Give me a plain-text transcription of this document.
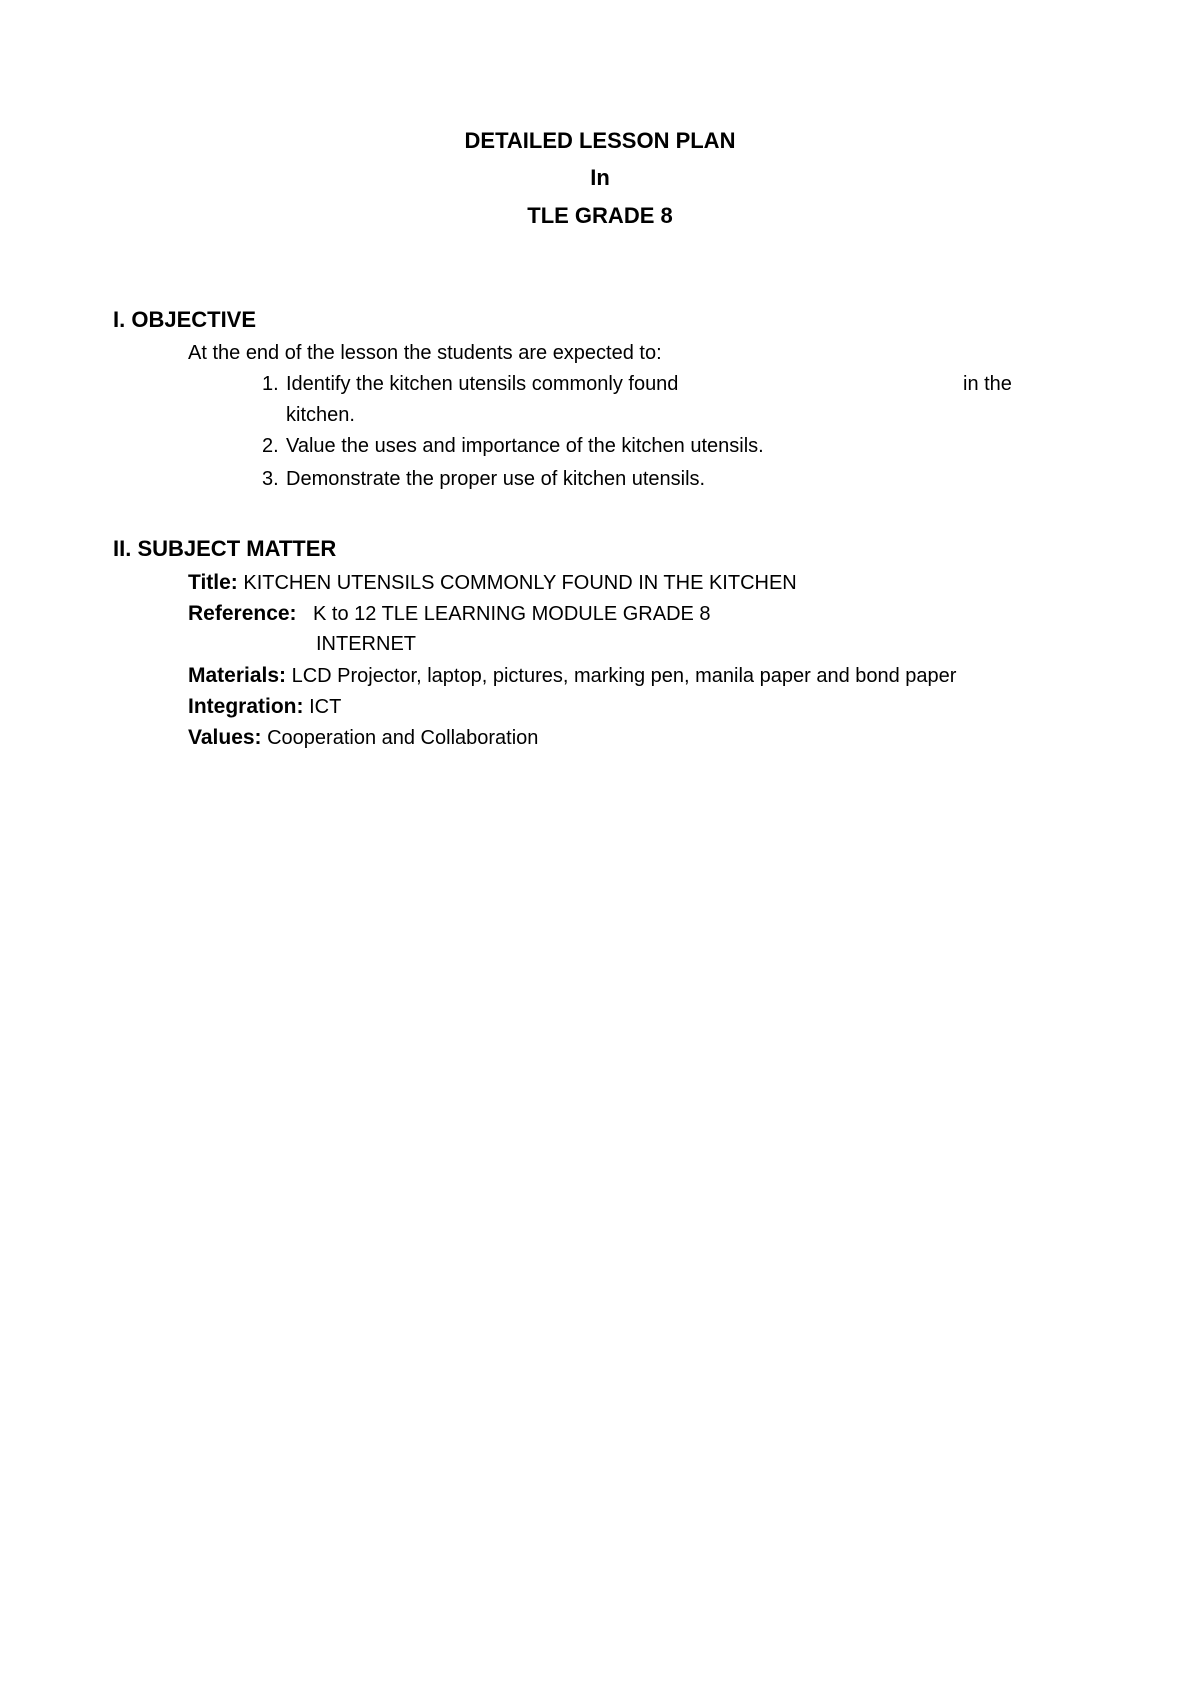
DETAILED LESSON PLAN
In
TLE GRADE 8
I. OBJECTIVE
At the end of the lesson the students are expected to:
1. Identify the kitchen utensils commonly found	in the
kitchen.
2. Value the uses and importance of the kitchen utensils.
3. Demonstrate the proper use of kitchen utensils.
II. SUBJECT MATTER
Title: KITCHEN UTENSILS COMMONLY FOUND IN THE KITCHEN
Reference: K to 12 TLE LEARNING MODULE GRADE 8
INTERNET
Materials: LCD Projector, laptop, pictures, marking pen, manila paper and bond paper
Integration: ICT
Values: Cooperation and Collaboration
